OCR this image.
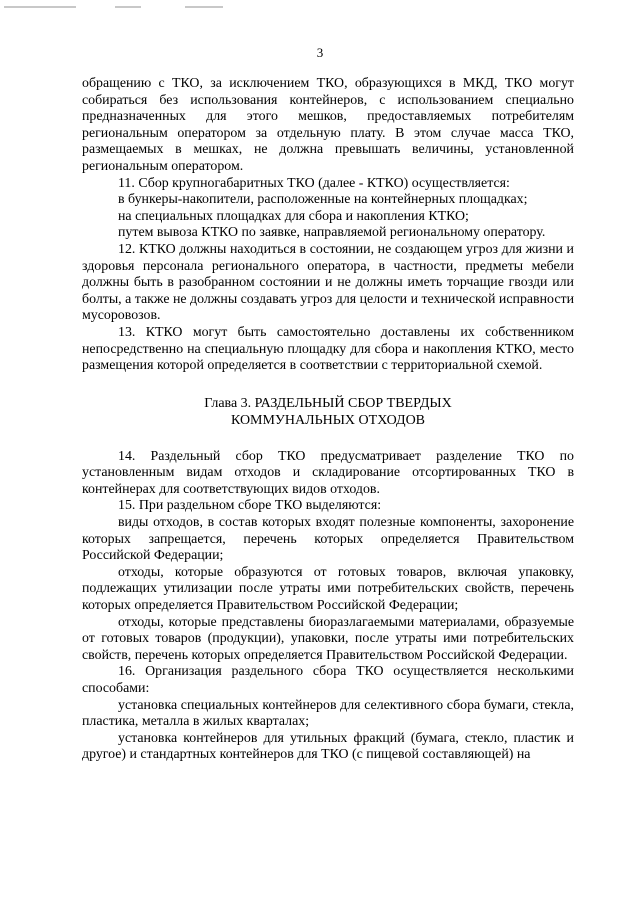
3

обращению с ТКО, за исключением ТКО, образующихся в МКД, ТКО могут собираться без использования контейнеров, с использованием специально предназначенных для этого мешков, предоставляемых потребителям региональным оператором за отдельную плату. В этом случае масса ТКО, размещаемых в мешках, не должна превышать величины, установленной региональным оператором.

11. Сбор крупногабаритных ТКО (далее - КТКО) осуществляется:

в бункеры-накопители, расположенные на контейнерных площадках;

на специальных площадках для сбора и накопления КТКО;

путем вывоза КТКО по заявке, направляемой региональному оператору.

12. КТКО должны находиться в состоянии, не создающем угроз для жизни и здоровья персонала регионального оператора, в частности, предметы мебели должны быть в разобранном состоянии и не должны иметь торчащие гвозди или болты, а также не должны создавать угроз для целости и технической исправности мусоровозов.

13. КТКО могут быть самостоятельно доставлены их собственником непосредственно на специальную площадку для сбора и накопления КТКО, место размещения которой определяется в соответствии с территориальной схемой.

Глава 3. РАЗДЕЛЬНЫЙ СБОР ТВЕРДЫХ
КОММУНАЛЬНЫХ ОТХОДОВ

14. Раздельный сбор ТКО предусматривает разделение ТКО по установленным видам отходов и складирование отсортированных ТКО в контейнерах для соответствующих видов отходов.

15. При раздельном сборе ТКО выделяются:

виды отходов, в состав которых входят полезные компоненты, захоронение которых запрещается, перечень которых определяется Правительством Российской Федерации;

отходы, которые образуются от готовых товаров, включая упаковку, подлежащих утилизации после утраты ими потребительских свойств, перечень которых определяется Правительством Российской Федерации;

отходы, которые представлены биоразлагаемыми материалами, образуемые от готовых товаров (продукции), упаковки, после утраты ими потребительских свойств, перечень которых определяется Правительством Российской Федерации.

16. Организация раздельного сбора ТКО осуществляется несколькими способами:

установка специальных контейнеров для селективного сбора бумаги, стекла, пластика, металла в жилых кварталах;

установка контейнеров для утильных фракций (бумага, стекло, пластик и другое) и стандартных контейнеров для ТКО (с пищевой составляющей) на
